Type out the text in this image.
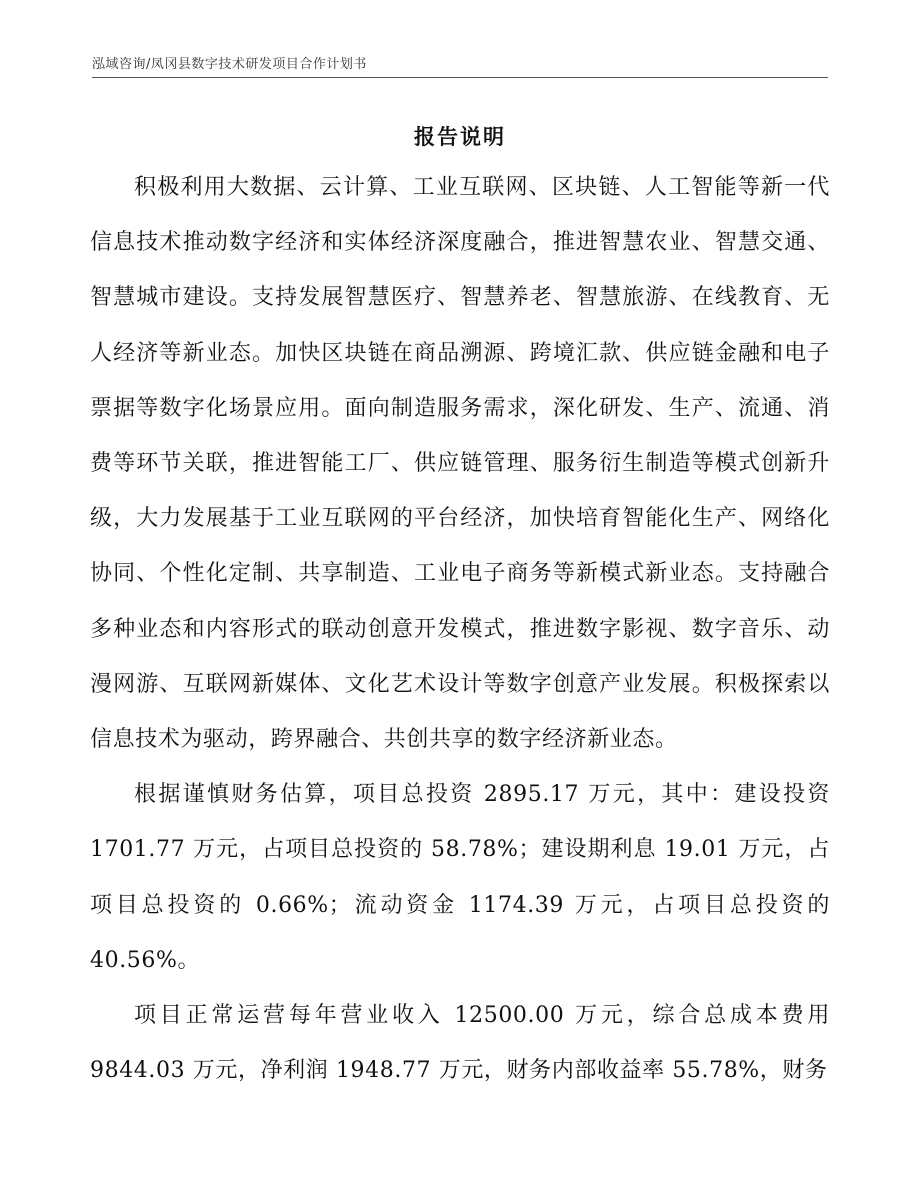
泓域咨询/凤冈县数字技术研发项目合作计划书
报告说明

积极利用大数据、云计算、工业互联网、区块链、人工智能等新一代信息技术推动数字经济和实体经济深度融合，推进智慧农业、智慧交通、智慧城市建设。支持发展智慧医疗、智慧养老、智慧旅游、在线教育、无人经济等新业态。加快区块链在商品溯源、跨境汇款、供应链金融和电子票据等数字化场景应用。面向制造服务需求，深化研发、生产、流通、消费等环节关联，推进智能工厂、供应链管理、服务衍生制造等模式创新升级，大力发展基于工业互联网的平台经济，加快培育智能化生产、网络化协同、个性化定制、共享制造、工业电子商务等新模式新业态。支持融合多种业态和内容形式的联动创意开发模式，推进数字影视、数字音乐、动漫网游、互联网新媒体、文化艺术设计等数字创意产业发展。积极探索以信息技术为驱动，跨界融合、共创共享的数字经济新业态。

根据谨慎财务估算，项目总投资 2895.17 万元，其中：建设投资 1701.77 万元，占项目总投资的 58.78%；建设期利息 19.01 万元，占项目总投资的 0.66%；流动资金 1174.39 万元，占项目总投资的 40.56%。

项目正常运营每年营业收入 12500.00 万元，综合总成本费用 9844.03 万元，净利润 1948.77 万元，财务内部收益率 55.78%，财务
